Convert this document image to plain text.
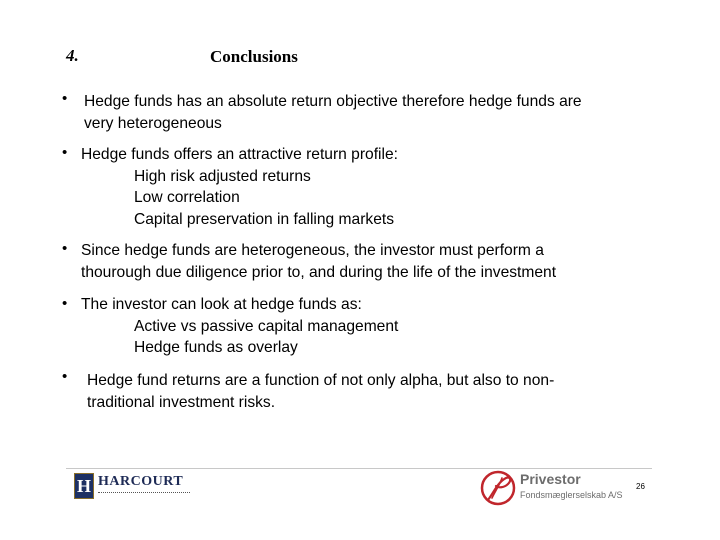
4.	Conclusions
• Hedge funds has an absolute return objective therefore hedge funds are
very heterogeneous
• Hedge funds offers an attractive return profile:
High risk adjusted returns
Low correlation
Capital preservation in falling markets
• Since hedge funds are heterogeneous, the investor must perform a
thourough due diligence prior to, and during the life of the investment
• The investor can look at hedge funds as:
Active vs passive capital management
Hedge funds as overlay
• Hedge fund returns are a function of not only alpha, but also to non-
traditional investment risks.
H HARCOURT	Privestor
Fondsmæglerselskab A/S
26
